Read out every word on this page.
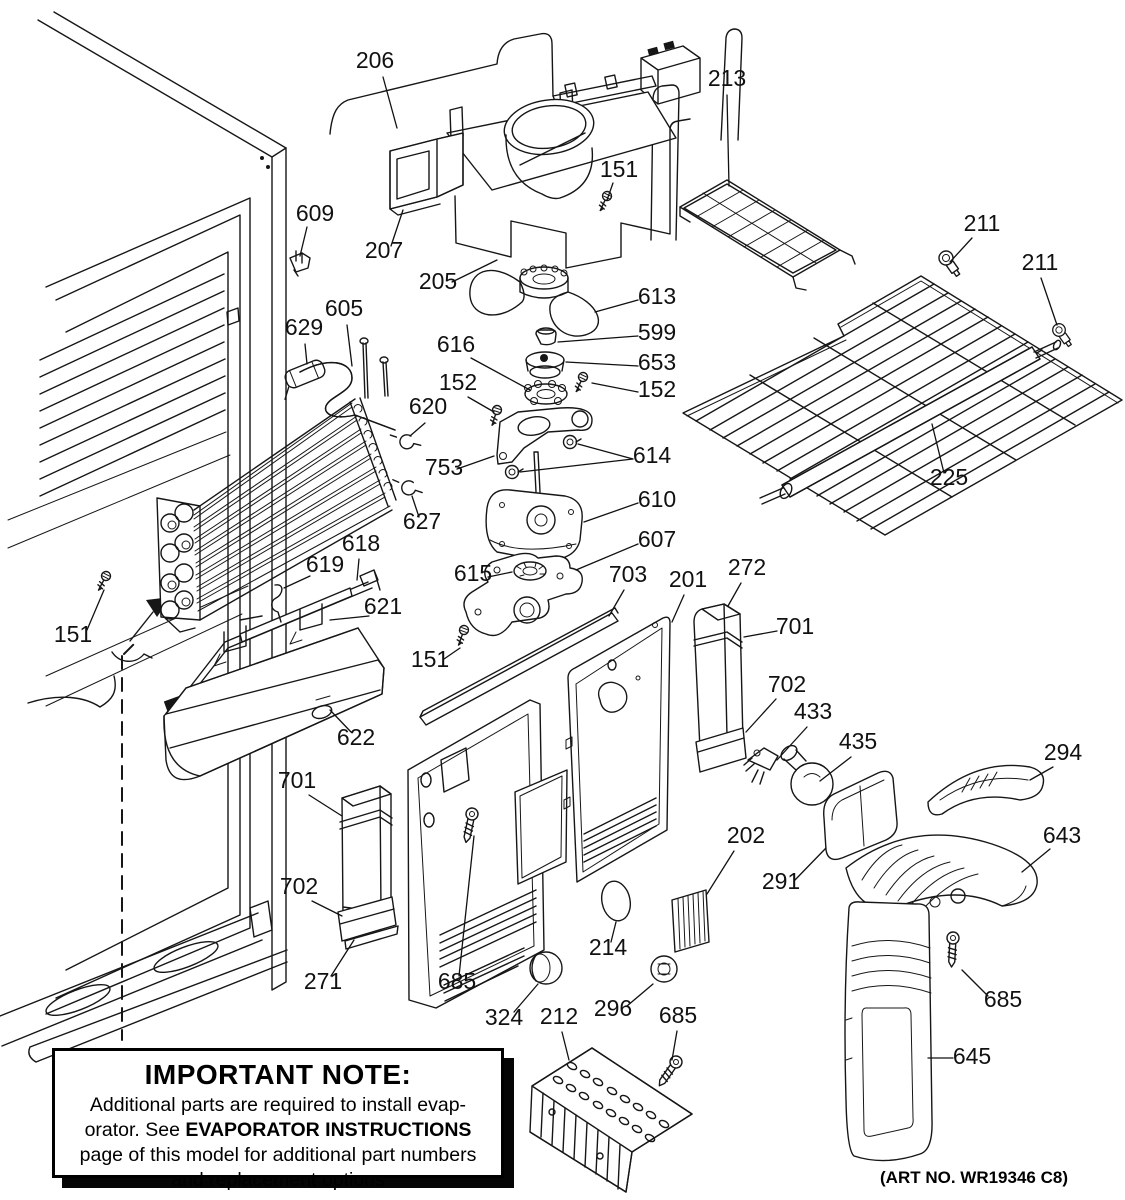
206
213
151
609
207
205
211
211
613
599
605
629
616
653
152	152
620
753	614
627
610
618
619
607
615
621
703 201 272
151
151
701
702
433
435	294
622
225
701
702
643
202
291
271	685
214
324	296
212	685
685
645
IMPORTANT NOTE:
Additional parts are required to install evap-
orator. See EVAPORATOR INSTRUCTIONS
page of this model for additional part numbers
and replacement options	(ART NO. WR19346 C8)
